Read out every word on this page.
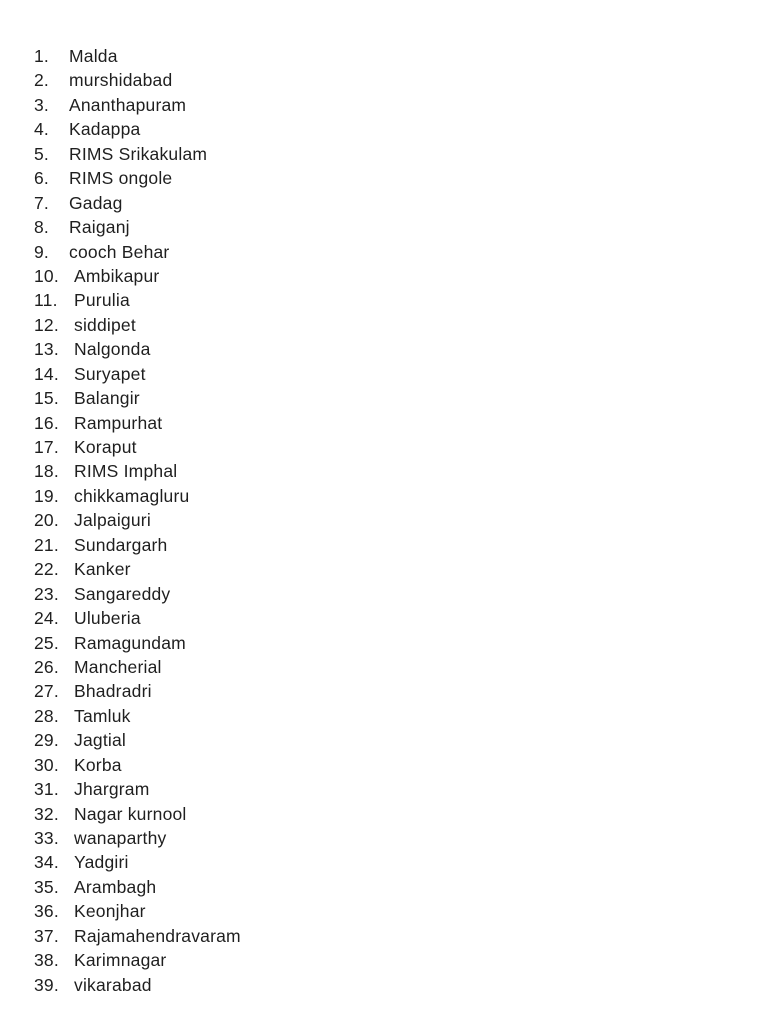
1. Malda
2. murshidabad
3. Ananthapuram
4. Kadappa
5. RIMS Srikakulam
6. RIMS ongole
7. Gadag
8. Raiganj
9. cooch Behar
10. Ambikapur
11. Purulia
12. siddipet
13. Nalgonda
14. Suryapet
15. Balangir
16. Rampurhat
17. Koraput
18. RIMS Imphal
19. chikkamagluru
20. Jalpaiguri
21. Sundargarh
22. Kanker
23. Sangareddy
24. Uluberia
25. Ramagundam
26. Mancherial
27. Bhadradri
28. Tamluk
29. Jagtial
30. Korba
31. Jhargram
32. Nagar kurnool
33. wanaparthy
34. Yadgiri
35. Arambagh
36. Keonjhar
37. Rajamahendravaram
38. Karimnagar
39. vikarabad
